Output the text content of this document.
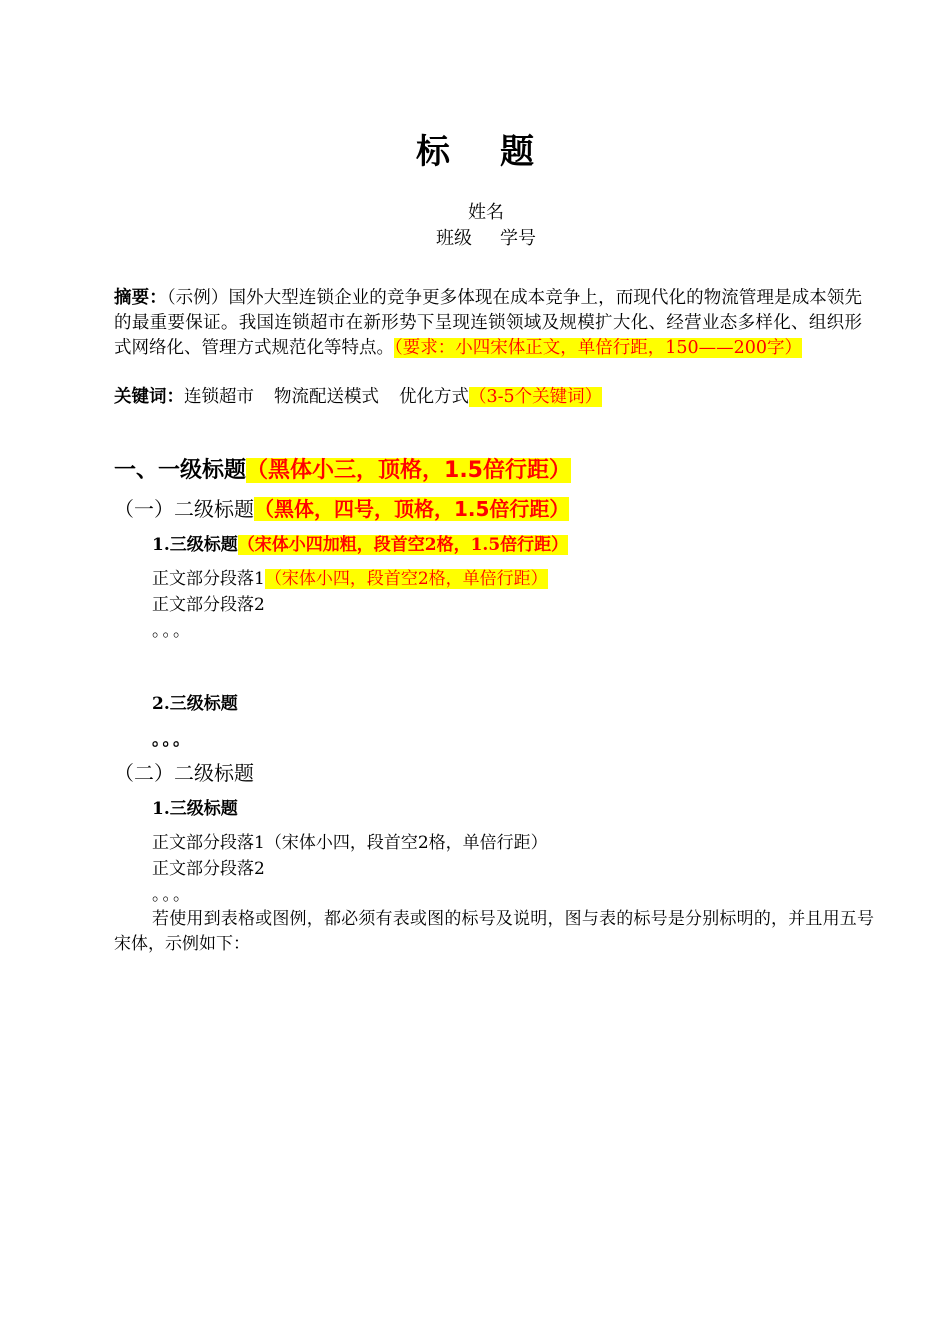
标 题
姓名
班级 学号
摘要：（示例）国外大型连锁企业的竞争更多体现在成本竞争上，而现代化的物流管理是成本领先的最重要保证。我国连锁超市在新形势下呈现连锁领域及规模扩大化、经营业态多样化、组织形式网络化、管理方式规范化等特点。（要求：小四宋体正文，单倍行距，150——200字）
关键词：连锁超市 物流配送模式 优化方式（3-5个关键词）
一、一级标题（黑体小三，顶格，1.5倍行距）
（一）二级标题（黑体，四号，顶格，1.5倍行距）
1.三级标题（宋体小四加粗，段首空2格，1.5倍行距）
正文部分段落1（宋体小四，段首空2格，单倍行距）
正文部分段落2
。。。
2.三级标题
。。。
（二）二级标题
1.三级标题
正文部分段落1（宋体小四，段首空2格，单倍行距）
正文部分段落2
。。。
若使用到表格或图例，都必须有表或图的标号及说明，图与表的标号是分别标明的，并且用五号宋体，示例如下：
